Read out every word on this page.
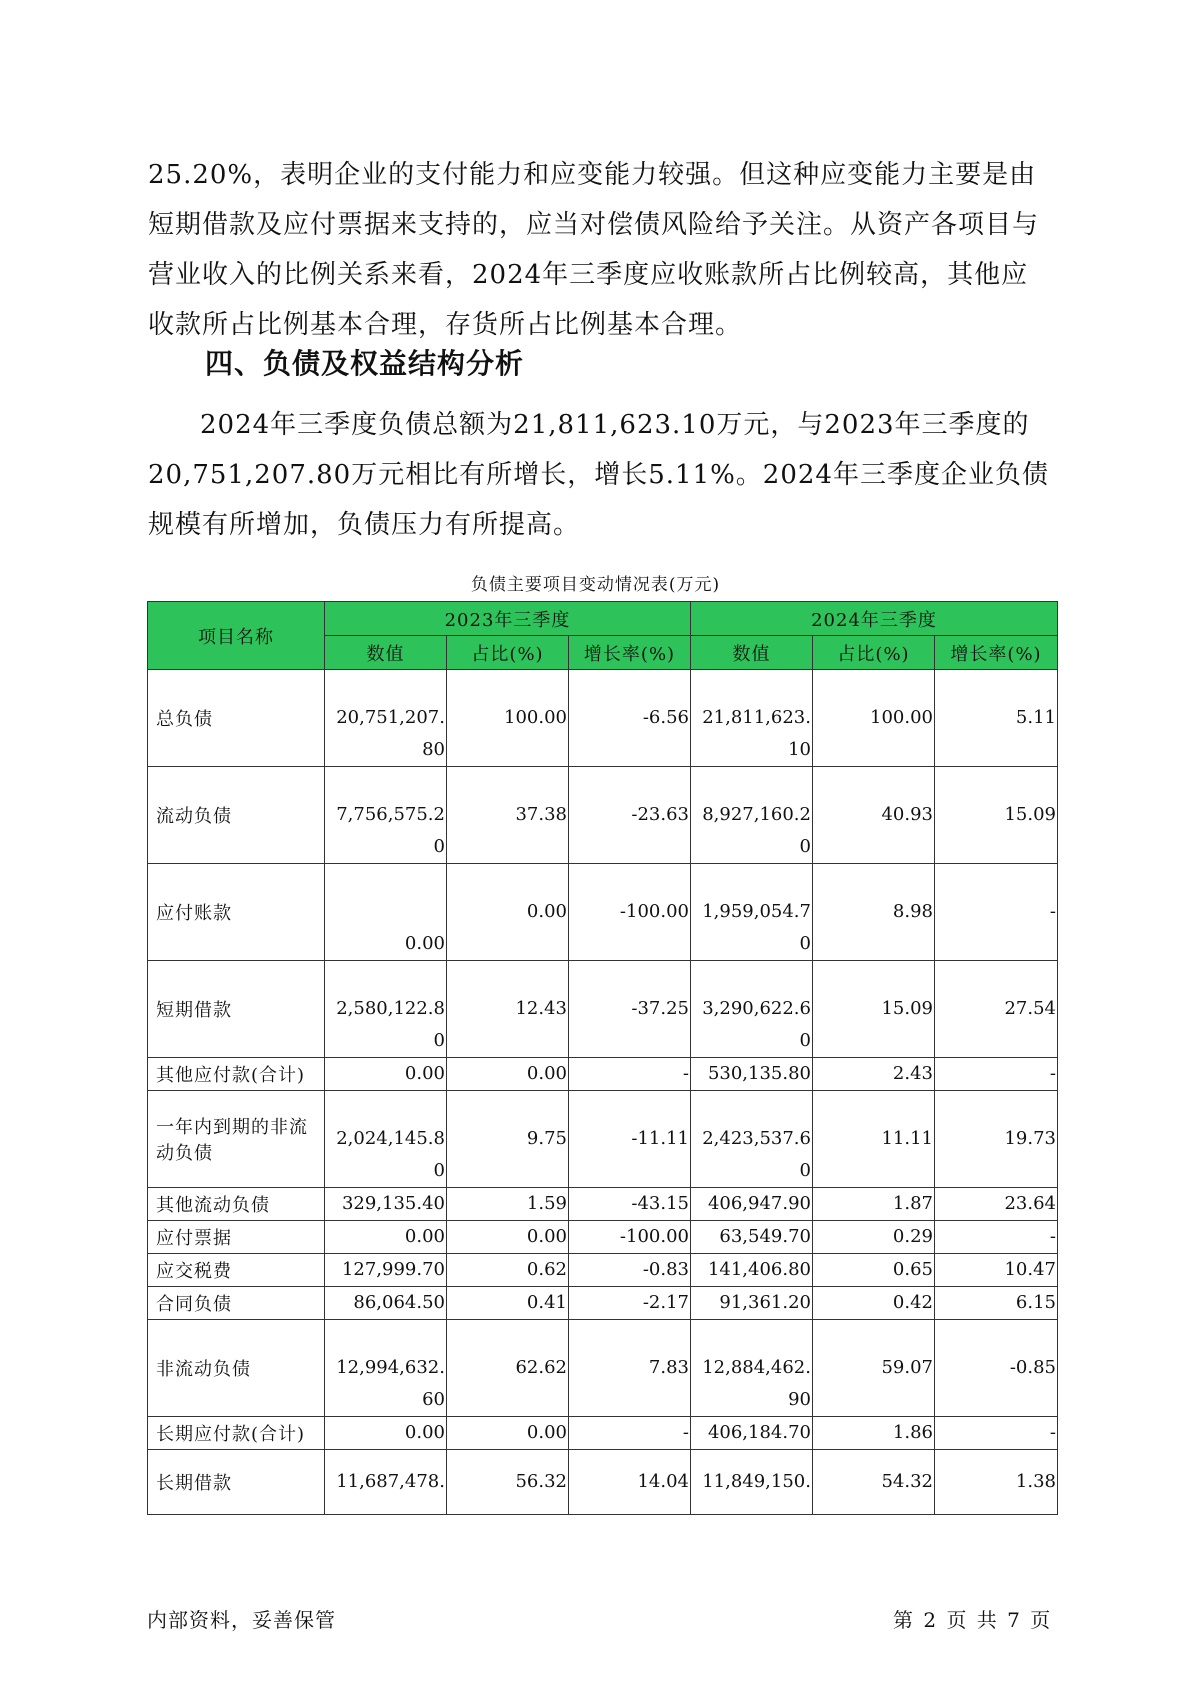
25.20%，表明企业的支付能力和应变能力较强。但这种应变能力主要是由短期借款及应付票据来支持的，应当对偿债风险给予关注。从资产各项目与营业收入的比例关系来看，2024年三季度应收账款所占比例较高，其他应收款所占比例基本合理，存货所占比例基本合理。

四、负债及权益结构分析

2024年三季度负债总额为21,811,623.10万元，与2023年三季度的20,751,207.80万元相比有所增长，增长5.11%。2024年三季度企业负债规模有所增加，负债压力有所提高。

负债主要项目变动情况表(万元)
项目名称	2023年三季度			2024年三季度		
	数值	占比(%)	增长率(%)	数值	占比(%)	增长率(%)
总负债	20,751,207.80	100.00	-6.56	21,811,623.10	100.00	5.11
流动负债	7,756,575.20	37.38	-23.63	8,927,160.20	40.93	15.09
应付账款	0.00	0.00	-100.00	1,959,054.70	8.98	-
短期借款	2,580,122.80	12.43	-37.25	3,290,622.60	15.09	27.54
其他应付款(合计)	0.00	0.00	-	530,135.80	2.43	-
一年内到期的非流动负债	2,024,145.80	9.75	-11.11	2,423,537.60	11.11	19.73
其他流动负债	329,135.40	1.59	-43.15	406,947.90	1.87	23.64
应付票据	0.00	0.00	-100.00	63,549.70	0.29	-
应交税费	127,999.70	0.62	-0.83	141,406.80	0.65	10.47
合同负债	86,064.50	0.41	-2.17	91,361.20	0.42	6.15
非流动负债	12,994,632.60	62.62	7.83	12,884,462.90	59.07	-0.85
长期应付款(合计)	0.00	0.00	-	406,184.70	1.86	-
长期借款	11,687,478.	56.32	14.04	11,849,150.	54.32	1.38
内部资料，妥善保管	第 2 页 共 7 页
